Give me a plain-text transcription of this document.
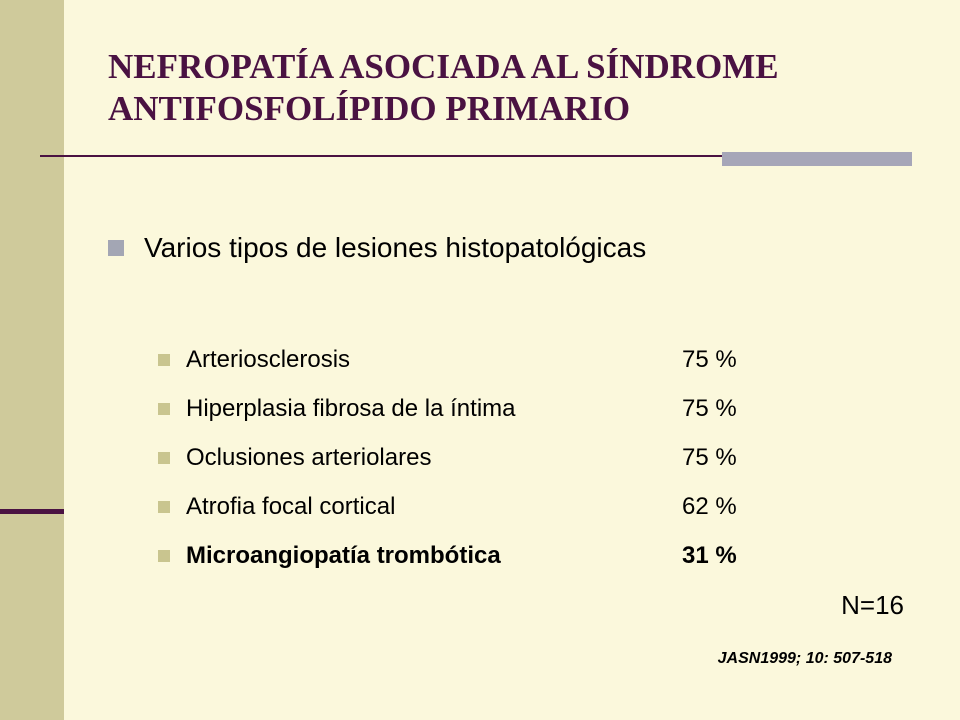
NEFROPATÍA ASOCIADA AL SÍNDROME
ANTIFOSFOLÍPIDO PRIMARIO
Varios tipos de lesiones histopatológicas
Arteriosclerosis	75 %
Hiperplasia fibrosa de la íntima	75 %
Oclusiones arteriolares	75 %
Atrofia focal cortical	62 %
Microangiopatía trombótica	31 %
N=16
JASN1999; 10: 507-518
